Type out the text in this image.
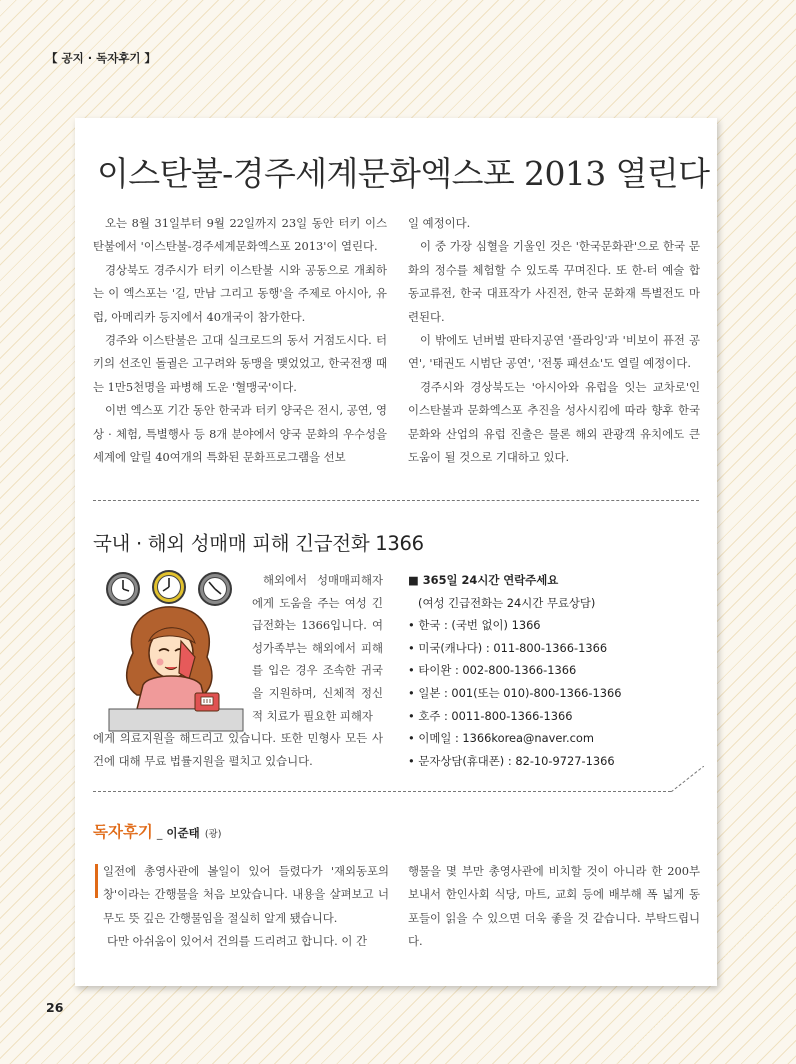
【 공지 · 독자후기 】
이스탄불-경주세계문화엑스포 2013 열린다

오는 8월 31일부터 9월 22일까지 23일 동안 터키 이스탄불에서 '이스탄불-경주세계문화엑스포 2013'이 열린다.

경상북도 경주시가 터키 이스탄불 시와 공동으로 개최하는 이 엑스포는 '길, 만남 그리고 동행'을 주제로 아시아, 유럽, 아메리카 등지에서 40개국이 참가한다.

경주와 이스탄불은 고대 실크로드의 동서 거점도시다. 터키의 선조인 돌궐은 고구려와 동맹을 맺었었고, 한국전쟁 때는 1만5천명을 파병해 도운 '혈맹국'이다.

이번 엑스포 기간 동안 한국과 터키 양국은 전시, 공연, 영상 · 체험, 특별행사 등 8개 분야에서 양국 문화의 우수성을 세계에 알릴 40여개의 특화된 문화프로그램을 선보

일 예정이다.

이 중 가장 심혈을 기울인 것은 '한국문화관'으로 한국 문화의 정수를 체험할 수 있도록 꾸며진다. 또 한-터 예술 합동교류전, 한국 대표작가 사진전, 한국 문화재 특별전도 마련된다.

이 밖에도 넌버벌 판타지공연 '플라잉'과 '비보이 퓨전 공연', '태권도 시범단 공연', '전통 패션쇼'도 열릴 예정이다.

경주시와 경상북도는 '아시아와 유럽을 잇는 교차로'인 이스탄불과 문화엑스포 추진을 성사시킴에 따라 향후 한국 문화와 산업의 유럽 진출은 물론 해외 관광객 유치에도 큰 도움이 될 것으로 기대하고 있다.

국내 · 해외 성매매 피해 긴급전화 1366
해외에서 성매매피해자에게 도움을 주는 여성 긴급전화는 1366입니다. 여성가족부는 해외에서 피해를 입은 경우 조속한 귀국을 지원하며, 신체적 정신적 치료가 필요한 피해자
에게 의료지원을 해드리고 있습니다. 또한 민형사 모든 사건에 대해 무료 법률지원을 펼치고 있습니다.
■ 365일 24시간 연락주세요
(여성 긴급전화는 24시간 무료상담)
• 한국 : (국번 없이) 1366
• 미국(캐나다) : 011-800-1366-1366
• 타이완 : 002-800-1366-1366
• 일본 : 001(또는 010)-800-1366-1366
• 호주 : 0011-800-1366-1366
• 이메일 : 1366korea@naver.com
• 문자상담(휴대폰) : 82-10-9727-1366
독자후기 _ 이준태 (광)

일전에 총영사관에 볼일이 있어 들렸다가 '재외동포의 창'이라는 간행물을 처음 보았습니다. 내용을 살펴보고 너무도 뜻 깊은 간행물임을 절실히 알게 됐습니다.

다만 아쉬움이 있어서 건의를 드리려고 합니다. 이 간

행물을 몇 부만 총영사관에 비치할 것이 아니라 한 200부 보내서 한인사회 식당, 마트, 교회 등에 배부해 폭 넓게 동포들이 읽을 수 있으면 더욱 좋을 것 같습니다. 부탁드립니다.

26
